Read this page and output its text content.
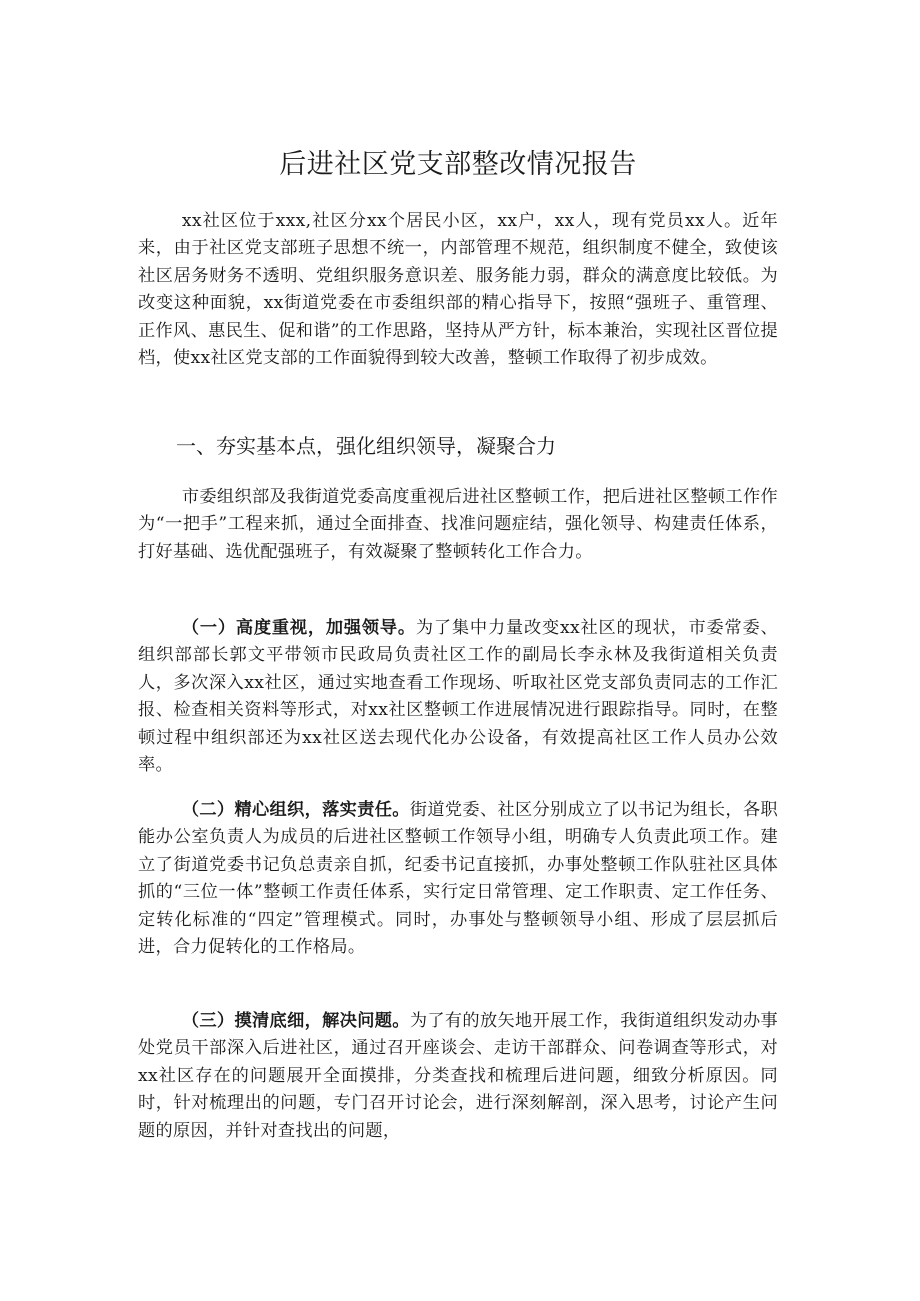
后进社区党支部整改情况报告

xx社区位于xxx,社区分xx个居民小区，xx户，xx人，现有党员xx人。近年来，由于社区党支部班子思想不统一，内部管理不规范，组织制度不健全，致使该社区居务财务不透明、党组织服务意识差、服务能力弱，群众的满意度比较低。为改变这种面貌，xx街道党委在市委组织部的精心指导下，按照“强班子、重管理、正作风、惠民生、促和谐”的工作思路，坚持从严方针，标本兼治，实现社区晋位提档，使xx社区党支部的工作面貌得到较大改善，整顿工作取得了初步成效。

一、夯实基本点，强化组织领导，凝聚合力

市委组织部及我街道党委高度重视后进社区整顿工作，把后进社区整顿工作作为“一把手”工程来抓，通过全面排查、找准问题症结，强化领导、构建责任体系，打好基础、选优配强班子，有效凝聚了整顿转化工作合力。

（一）高度重视，加强领导。为了集中力量改变xx社区的现状，市委常委、组织部部长郭文平带领市民政局负责社区工作的副局长李永林及我街道相关负责人，多次深入xx社区，通过实地查看工作现场、听取社区党支部负责同志的工作汇报、检查相关资料等形式，对xx社区整顿工作进展情况进行跟踪指导。同时，在整顿过程中组织部还为xx社区送去现代化办公设备，有效提高社区工作人员办公效率。

（二）精心组织，落实责任。街道党委、社区分别成立了以书记为组长，各职能办公室负责人为成员的后进社区整顿工作领导小组，明确专人负责此项工作。建立了街道党委书记负总责亲自抓，纪委书记直接抓，办事处整顿工作队驻社区具体抓的“三位一体”整顿工作责任体系，实行定日常管理、定工作职责、定工作任务、定转化标准的“四定”管理模式。同时，办事处与整顿领导小组、形成了层层抓后进，合力促转化的工作格局。

（三）摸清底细，解决问题。为了有的放矢地开展工作，我街道组织发动办事处党员干部深入后进社区，通过召开座谈会、走访干部群众、问卷调查等形式，对xx社区存在的问题展开全面摸排，分类查找和梳理后进问题，细致分析原因。同时，针对梳理出的问题，专门召开讨论会，进行深刻解剖，深入思考，讨论产生问题的原因，并针对查找出的问题，
